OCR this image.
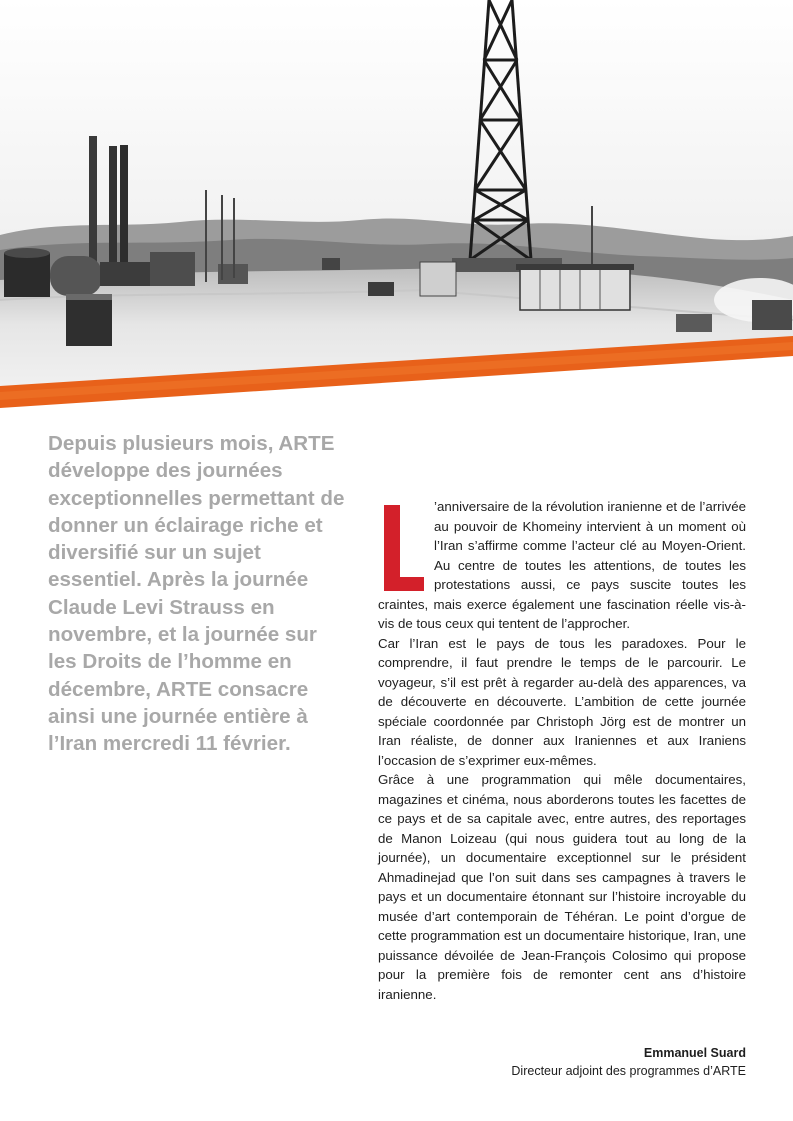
Depuis plusieurs mois, ARTE développe des journées exceptionnelles permettant de donner un éclairage riche et diversifié sur un sujet essentiel. Après la journée Claude Levi Strauss en novembre, et la journée sur les Droits de l’homme en décembre, ARTE consacre ainsi une journée entière à l’Iran mercredi 11 février.

’anniversaire de la révolution iranienne et de l’arrivée au pouvoir de Khomeiny intervient à un moment où l’Iran s’affirme comme l’acteur clé au Moyen-Orient. Au centre de toutes les attentions, de toutes les protestations aussi, ce pays suscite toutes les craintes, mais exerce également une fascination réelle vis-à-vis de tous ceux qui tentent de l’approcher.

Car l’Iran est le pays de tous les paradoxes. Pour le comprendre, il faut prendre le temps de le parcourir. Le voyageur, s’il est prêt à regarder au-delà des apparences, va de découverte en découverte. L’ambition de cette journée spéciale coordonnée par Christoph Jörg est de montrer un Iran réaliste, de donner aux Iraniennes et aux Iraniens l’occasion de s’exprimer eux-mêmes.

Grâce à une programmation qui mêle documentaires, magazines et cinéma, nous aborderons toutes les facettes de ce pays et de sa capitale avec, entre autres, des reportages de Manon Loizeau (qui nous guidera tout au long de la journée), un documentaire exceptionnel sur le président Ahmadinejad que l’on suit dans ses campagnes à travers le pays et un documentaire étonnant sur l’histoire incroyable du musée d’art contemporain de Téhéran. Le point d’orgue de cette programmation est un documentaire historique, Iran, une puissance dévoilée de Jean-François Colosimo qui propose pour la première fois de remonter cent ans d’histoire iranienne.

Emmanuel Suard
Directeur adjoint des programmes d’ARTE
